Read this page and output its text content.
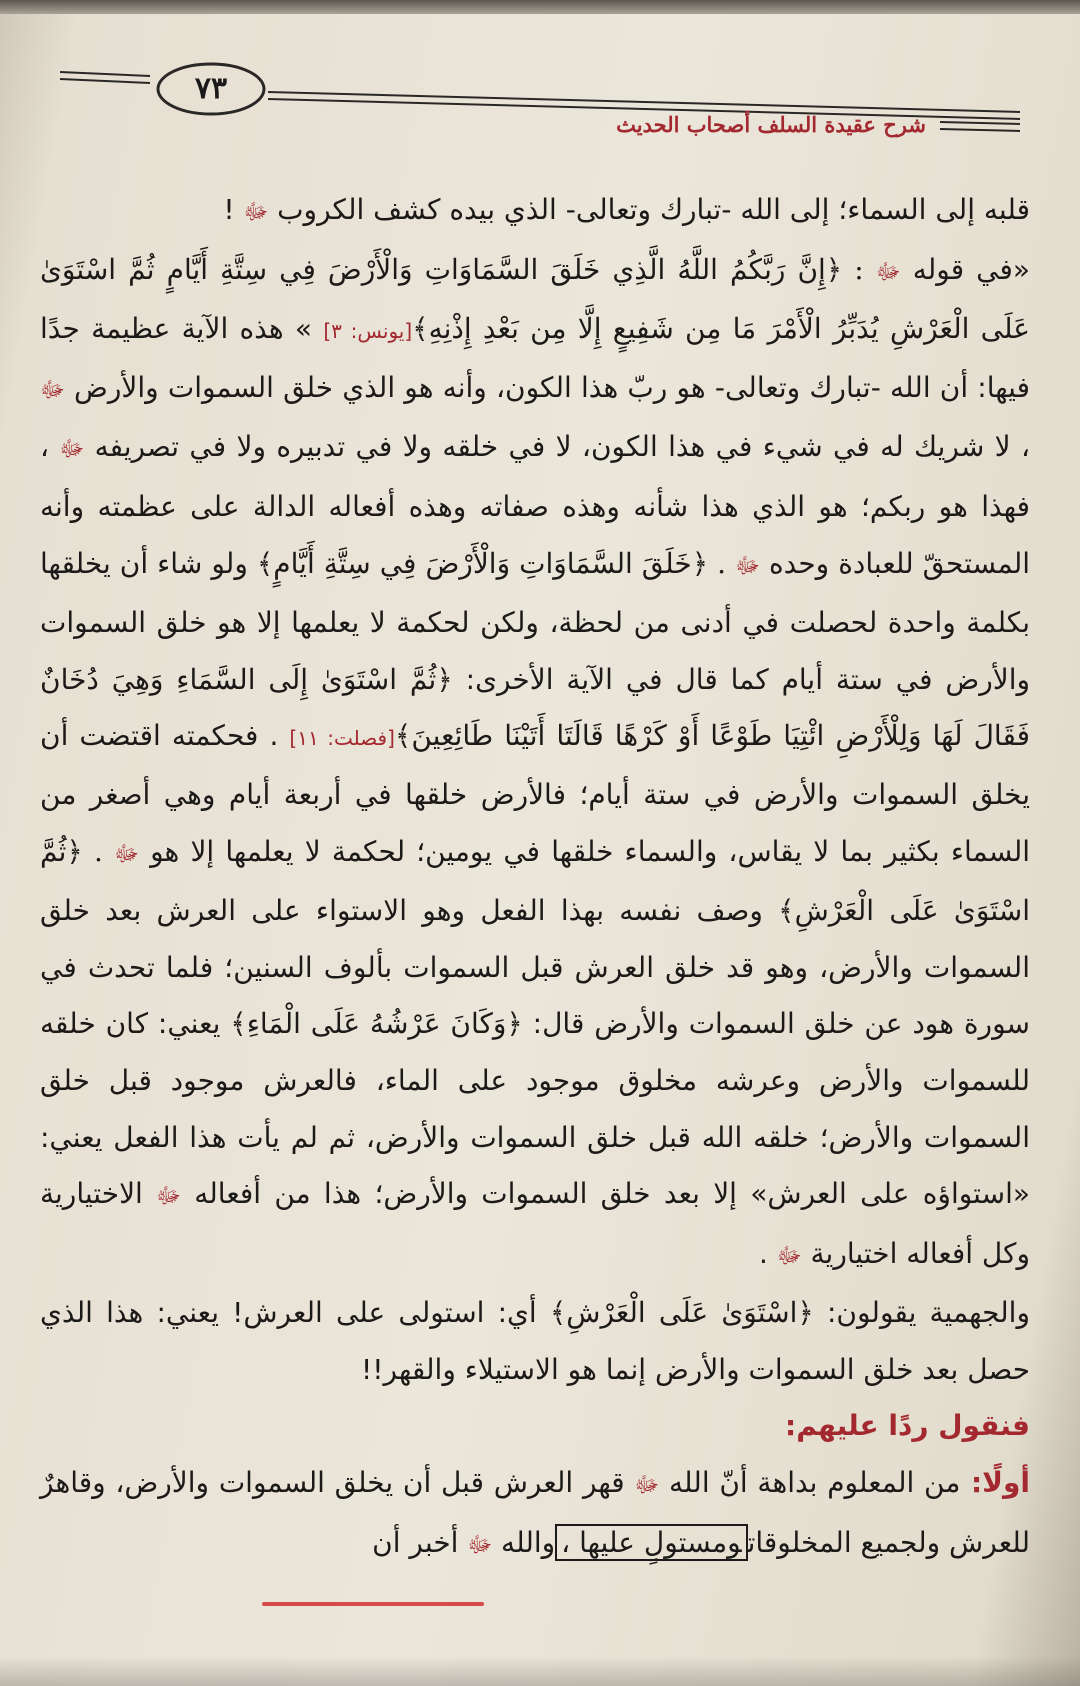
٧٣
شرح عقيدة السلف أصحاب الحديث

قلبه إلى السماء؛ إلى الله -تبارك وتعالى- الذي بيده كشف الكروب ﷻ !

«في قوله ﷻ : ﴿إِنَّ رَبَّكُمُ اللَّهُ الَّذِي خَلَقَ السَّمَاوَاتِ وَالْأَرْضَ فِي سِتَّةِ أَيَّامٍ ثُمَّ اسْتَوَىٰ عَلَى الْعَرْشِ يُدَبِّرُ الْأَمْرَ مَا مِن شَفِيعٍ إِلَّا مِن بَعْدِ إِذْنِهِ﴾[يونس: ٣] » هذه الآية عظيمة جدًا فيها: أن الله -تبارك وتعالى- هو ربّ هذا الكون، وأنه هو الذي خلق السموات والأرض ﷻ ، لا شريك له في شيء في هذا الكون، لا في خلقه ولا في تدبيره ولا في تصريفه ﷻ ، فهذا هو ربكم؛ هو الذي هذا شأنه وهذه صفاته وهذه أفعاله الدالة على عظمته وأنه المستحقّ للعبادة وحده ﷻ . ﴿خَلَقَ السَّمَاوَاتِ وَالْأَرْضَ فِي سِتَّةِ أَيَّامٍ﴾ ولو شاء أن يخلقها بكلمة واحدة لحصلت في أدنى من لحظة، ولكن لحكمة لا يعلمها إلا هو خلق السموات والأرض في ستة أيام كما قال في الآية الأخرى: ﴿ثُمَّ اسْتَوَىٰ إِلَى السَّمَاءِ وَهِيَ دُخَانٌ فَقَالَ لَهَا وَلِلْأَرْضِ ائْتِيَا طَوْعًا أَوْ كَرْهًا قَالَتَا أَتَيْنَا طَائِعِينَ﴾[فصلت: ١١] . فحكمته اقتضت أن يخلق السموات والأرض في ستة أيام؛ فالأرض خلقها في أربعة أيام وهي أصغر من السماء بكثير بما لا يقاس، والسماء خلقها في يومين؛ لحكمة لا يعلمها إلا هو ﷻ . ﴿ثُمَّ اسْتَوَىٰ عَلَى الْعَرْشِ﴾ وصف نفسه بهذا الفعل وهو الاستواء على العرش بعد خلق السموات والأرض، وهو قد خلق العرش قبل السموات بألوف السنين؛ فلما تحدث في سورة هود عن خلق السموات والأرض قال: ﴿وَكَانَ عَرْشُهُ عَلَى الْمَاءِ﴾ يعني: كان خلقه للسموات والأرض وعرشه مخلوق موجود على الماء، فالعرش موجود قبل خلق السموات والأرض؛ خلقه الله قبل خلق السموات والأرض، ثم لم يأت هذا الفعل يعني: «استواؤه على العرش» إلا بعد خلق السموات والأرض؛ هذا من أفعاله ﷻ الاختيارية وكل أفعاله اختيارية ﷻ .

والجهمية يقولون: ﴿اسْتَوَىٰ عَلَى الْعَرْشِ﴾ أي: استولى على العرش! يعني: هذا الذي حصل بعد خلق السموات والأرض إنما هو الاستيلاء والقهر!!

فنقول ردًا عليهم:

أولًا: من المعلوم بداهة أنّ الله ﷻ قهر العرش قبل أن يخلق السموات والأرض، وقاهرٌ للعرش ولجميع المخلوقاتومستولٍ عليها ،والله ﷻ أخبر أن
